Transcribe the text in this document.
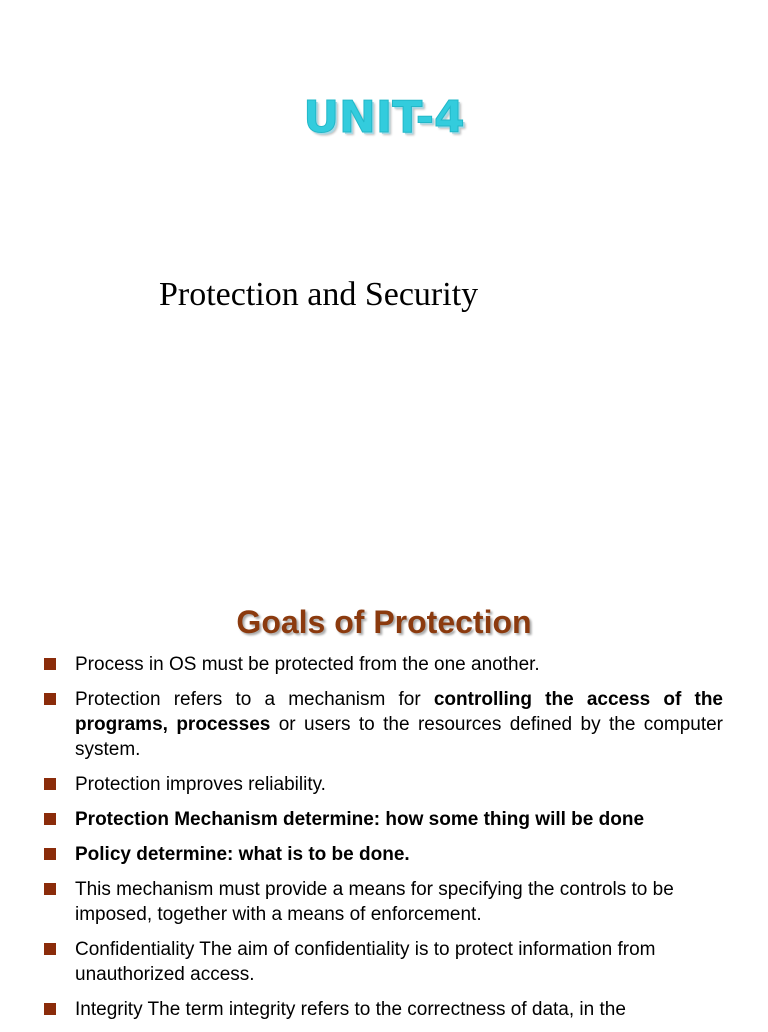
UNIT-4
Protection and Security
Goals of Protection
Process in OS must be protected from the one another.
Protection refers to a mechanism for controlling the access of the programs, processes or users to the resources defined by the computer system.
Protection improves reliability.
Protection Mechanism determine: how some thing will be done
Policy determine: what is to be done.
This mechanism must provide a means for specifying the controls to be imposed, together with a means of enforcement.
Confidentiality The aim of confidentiality is to protect information from unauthorized access.
Integrity The term integrity refers to the correctness of data, in the
